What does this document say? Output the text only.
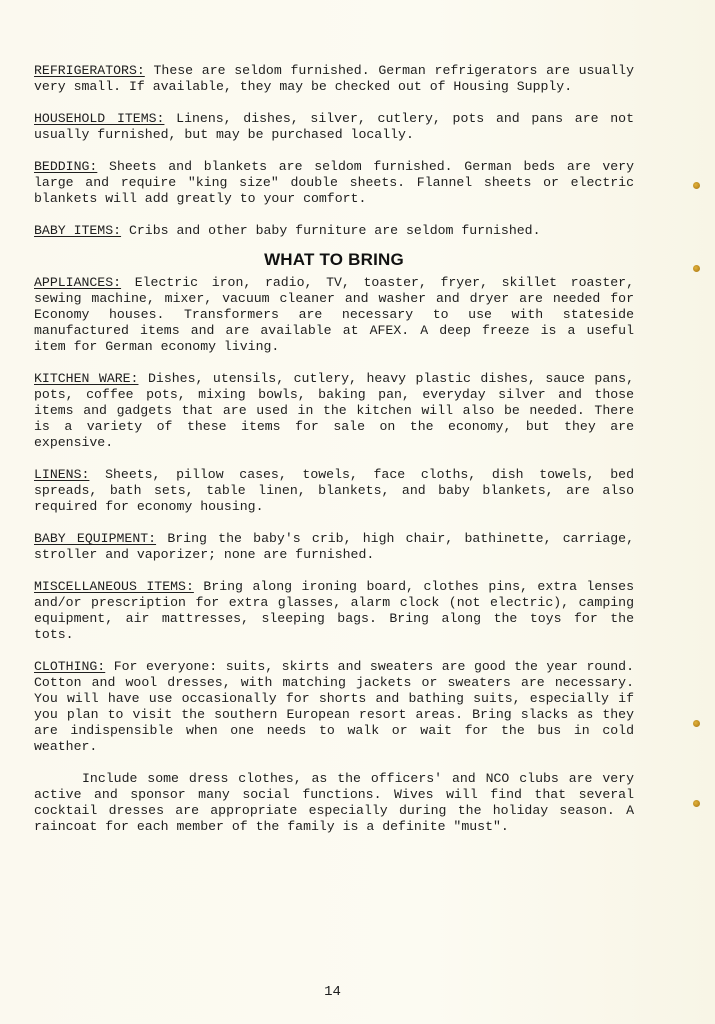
REFRIGERATORS: These are seldom furnished. German refrigerators are usually very small. If available, they may be checked out of Housing Supply.

HOUSEHOLD ITEMS: Linens, dishes, silver, cutlery, pots and pans are not usually furnished, but may be purchased locally.

BEDDING: Sheets and blankets are seldom furnished. German beds are very large and require "king size" double sheets. Flannel sheets or electric blankets will add greatly to your comfort.

BABY ITEMS: Cribs and other baby furniture are seldom furnished.

WHAT TO BRING

APPLIANCES: Electric iron, radio, TV, toaster, fryer, skillet roaster, sewing machine, mixer, vacuum cleaner and washer and dryer are needed for Economy houses. Transformers are necessary to use with stateside manufactured items and are available at AFEX. A deep freeze is a useful item for German economy living.

KITCHEN WARE: Dishes, utensils, cutlery, heavy plastic dishes, sauce pans, pots, coffee pots, mixing bowls, baking pan, everyday silver and those items and gadgets that are used in the kitchen will also be needed. There is a variety of these items for sale on the economy, but they are expensive.

LINENS: Sheets, pillow cases, towels, face cloths, dish towels, bed spreads, bath sets, table linen, blankets, and baby blankets, are also required for economy housing.

BABY EQUIPMENT: Bring the baby's crib, high chair, bathinette, carriage, stroller and vaporizer; none are furnished.

MISCELLANEOUS ITEMS: Bring along ironing board, clothes pins, extra lenses and/or prescription for extra glasses, alarm clock (not electric), camping equipment, air mattresses, sleeping bags. Bring along the toys for the tots.

CLOTHING: For everyone: suits, skirts and sweaters are good the year round. Cotton and wool dresses, with matching jackets or sweaters are necessary. You will have use occasionally for shorts and bathing suits, especially if you plan to visit the southern European resort areas. Bring slacks as they are indispensible when one needs to walk or wait for the bus in cold weather.

Include some dress clothes, as the officers' and NCO clubs are very active and sponsor many social functions. Wives will find that several cocktail dresses are appropriate especially during the holiday season. A raincoat for each member of the family is a definite "must".

14
